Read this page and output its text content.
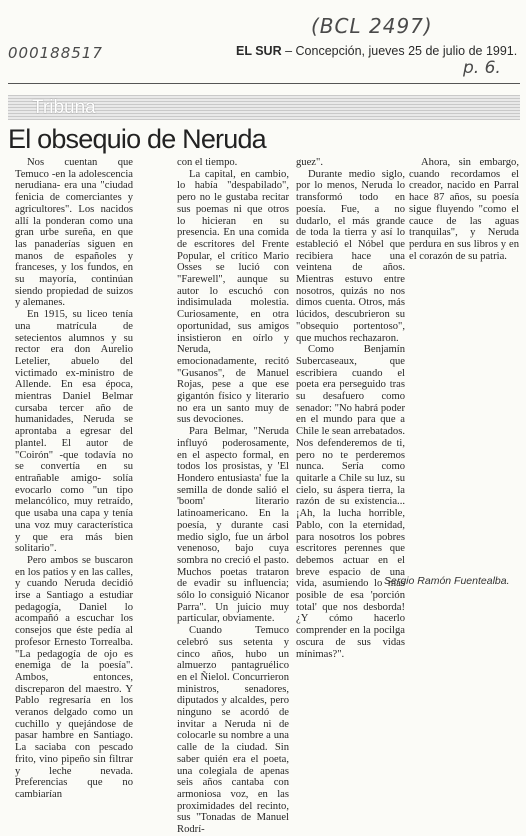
(BCL 2497)
000188517
p. 6.
EL SUR – Concepción, jueves 25 de julio de 1991.
Tribuna
El obsequio de Neruda

Nos cuentan que Temuco -en la adolescencia nerudiana- era una "ciudad fenicia de comerciantes y agricultores". Los nacidos allí la ponderan como una gran urbe sureña, en que las panaderías siguen en manos de españoles y franceses, y los fundos, en su mayoría, continúan siendo propiedad de suizos y alemanes.

En 1915, su liceo tenía una matrícula de setecientos alumnos y su rector era don Aurelio Letelier, abuelo del victimado ex-ministro de Allende. En esa época, mientras Daniel Belmar cursaba tercer año de humanidades, Neruda se aprontaba a egresar del plantel. El autor de "Coirón" -que todavía no se convertía en su entrañable amigo- solía evocarlo como "un tipo melancólico, muy retraído, que usaba una capa y tenía una voz muy característica y que era más bien solitario".

Pero ambos se buscaron en los patios y en las calles, y cuando Neruda decidió irse a Santiago a estudiar pedagogía, Daniel lo acompañó a escuchar los consejos que éste pedía al profesor Ernesto Torrealba. "La pedagogía de ojo es enemiga de la poesía". Ambos, entonces, discreparon del maestro. Y Pablo regresaría en los veranos delgado como un cuchillo y quejándose de pasar hambre en Santiago. La saciaba con pescado frito, vino pipeño sin filtrar y leche nevada. Preferencias que no cambiarían

con el tiempo.

La capital, en cambio, lo había "despabilado", pero no le gustaba recitar sus poemas ni que otros lo hicieran en su presencia. En una comida de escritores del Frente Popular, el crítico Mario Osses se lució con "Farewell", aunque su autor lo escuchó con indisimulada molestia. Curiosamente, en otra oportunidad, sus amigos insistieron en oírlo y Neruda, emocionadamente, recitó "Gusanos", de Manuel Rojas, pese a que ese gigantón físico y literario no era un santo muy de sus devociones.

Para Belmar, "Neruda influyó poderosamente, en el aspecto formal, en todos los prosistas, y 'El Hondero entusiasta' fue la semilla de donde salió el 'boom' literario latinoamericano. En la poesía, y durante casi medio siglo, fue un árbol venenoso, bajo cuya sombra no creció el pasto. Muchos poetas trataron de evadir su influencia; sólo lo consiguió Nicanor Parra". Un juicio muy particular, obviamente.

Cuando Temuco celebró sus setenta y cinco años, hubo un almuerzo pantagruélico en el Ñielol. Concurrieron ministros, senadores, diputados y alcaldes, pero ninguno se acordó de invitar a Neruda ni de colocarle su nombre a una calle de la ciudad. Sin saber quién era el poeta, una colegiala de apenas seis años cantaba con armoniosa voz, en las proximidades del recinto, sus "Tonadas de Manuel Rodrí-

guez".

Durante medio siglo, por lo menos, Neruda lo transformó todo en poesía. Fue, a no dudarlo, el más grande de toda la tierra y así lo estableció el Nóbel que recibiera hace una veintena de años. Mientras estuvo entre nosotros, quizás no nos dimos cuenta. Otros, más lúcidos, descubrieron su "obsequio portentoso", que muchos rechazaron.

Como Benjamín Subercaseaux, que escribiera cuando el poeta era perseguido tras su desafuero como senador: "No habrá poder en el mundo para que a Chile le sean arrebatados. Nos defenderemos de ti, pero no te perderemos nunca. Sería como quitarle a Chile su luz, su cielo, su áspera tierra, la razón de su existencia... ¡Ah, la lucha horrible, Pablo, con la eternidad, para nosotros los pobres escritores perennes que debemos actuar en el breve espacio de una vida, asumiendo lo más posible de esa 'porción total' que nos desborda! ¿Y cómo hacerlo comprender en la pocilga oscura de sus vidas mínimas?".

Ahora, sin embargo, cuando recordamos el creador, nacido en Parral hace 87 años, su poesía sigue fluyendo "como el cauce de las aguas tranquilas", y Neruda perdura en sus libros y en el corazón de su patria.

Sergio Ramón Fuentealba.
